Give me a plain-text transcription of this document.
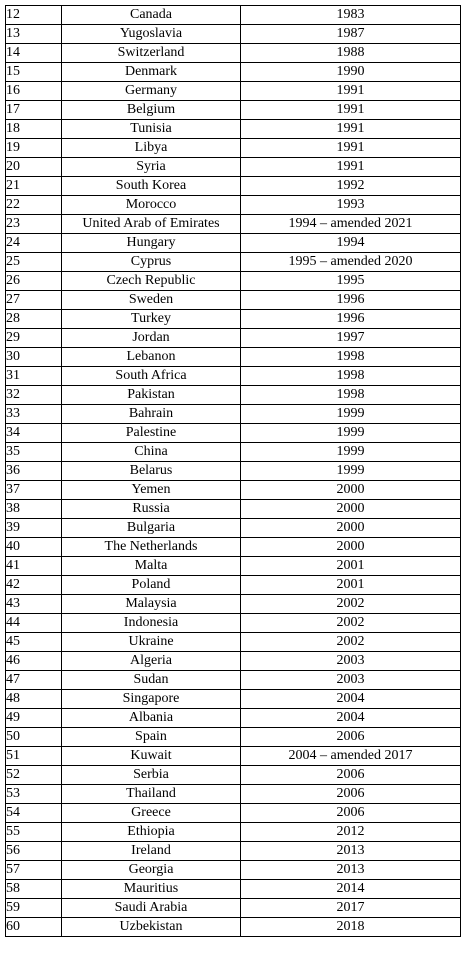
12	Canada	1983
13	Yugoslavia	1987
14	Switzerland	1988
15	Denmark	1990
16	Germany	1991
17	Belgium	1991
18	Tunisia	1991
19	Libya	1991
20	Syria	1991
21	South Korea	1992
22	Morocco	1993
23	United Arab of Emirates	1994 – amended 2021
24	Hungary	1994
25	Cyprus	1995 – amended 2020
26	Czech Republic	1995
27	Sweden	1996
28	Turkey	1996
29	Jordan	1997
30	Lebanon	1998
31	South Africa	1998
32	Pakistan	1998
33	Bahrain	1999
34	Palestine	1999
35	China	1999
36	Belarus	1999
37	Yemen	2000
38	Russia	2000
39	Bulgaria	2000
40	The Netherlands	2000
41	Malta	2001
42	Poland	2001
43	Malaysia	2002
44	Indonesia	2002
45	Ukraine	2002
46	Algeria	2003
47	Sudan	2003
48	Singapore	2004
49	Albania	2004
50	Spain	2006
51	Kuwait	2004 – amended 2017
52	Serbia	2006
53	Thailand	2006
54	Greece	2006
55	Ethiopia	2012
56	Ireland	2013
57	Georgia	2013
58	Mauritius	2014
59	Saudi Arabia	2017
60	Uzbekistan	2018
